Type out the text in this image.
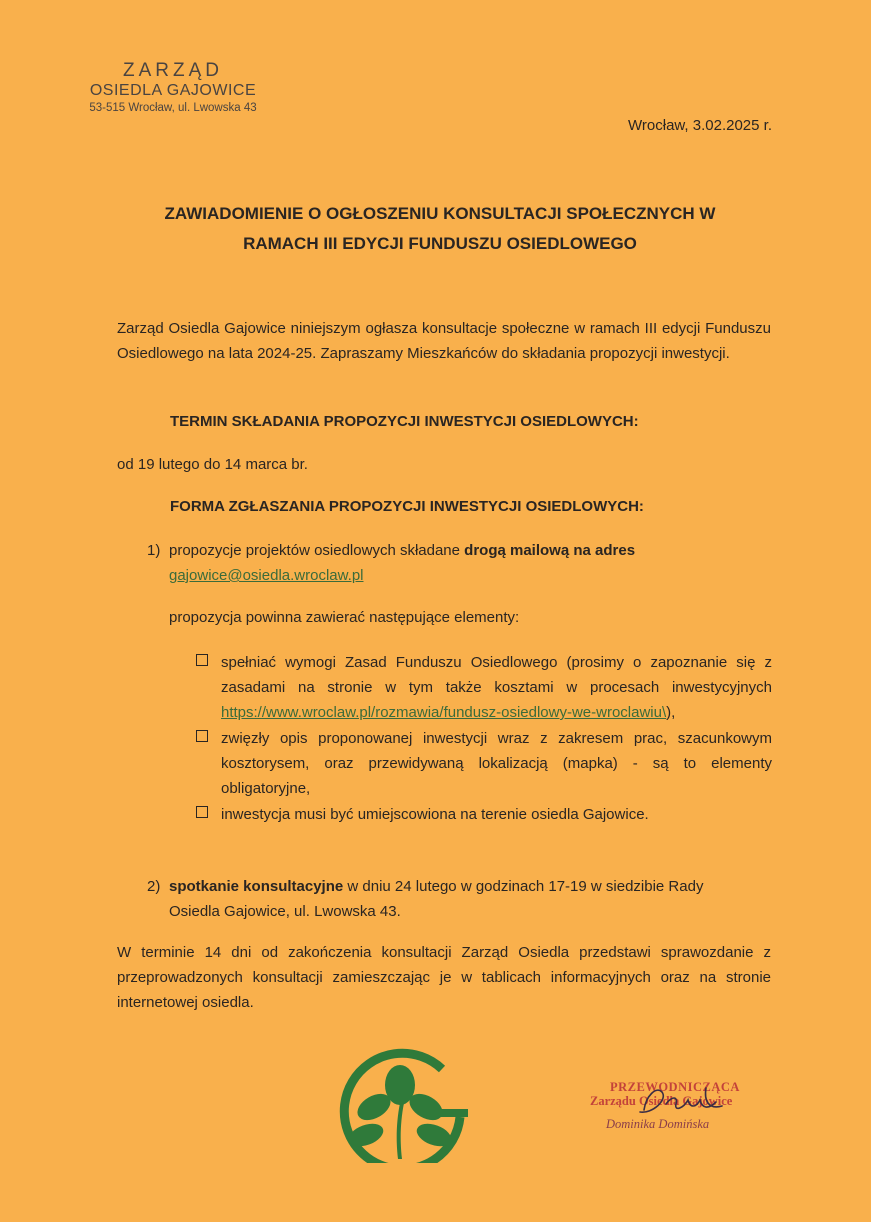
ZARZĄD
OSIEDLA GAJOWICE
53-515 Wrocław, ul. Lwowska 43
Wrocław, 3.02.2025 r.
ZAWIADOMIENIE O OGŁOSZENIU KONSULTACJI SPOŁECZNYCH W
RAMACH III EDYCJI FUNDUSZU OSIEDLOWEGO
Zarząd Osiedla Gajowice niniejszym ogłasza konsultacje społeczne w ramach III edycji Funduszu Osiedlowego na lata 2024-25. Zapraszamy Mieszkańców do składania propozycji inwestycji.
TERMIN SKŁADANIA PROPOZYCJI INWESTYCJI OSIEDLOWYCH:
od 19 lutego do 14 marca br.
FORMA ZGŁASZANIA PROPOZYCJI INWESTYCJI OSIEDLOWYCH:
1) propozycje projektów osiedlowych składane drogą mailową na adres
gajowice@osiedla.wroclaw.pl
propozycja powinna zawierać następujące elementy:
spełniać wymogi Zasad Funduszu Osiedlowego (prosimy o zapoznanie się z zasadami na stronie w tym także kosztami w procesach inwestycyjnych https://www.wroclaw.pl/rozmawia/fundusz-osiedlowy-we-wroclawiu\),
zwięzły opis proponowanej inwestycji wraz z zakresem prac, szacunkowym kosztorysem, oraz przewidywaną lokalizacją (mapka) - są to elementy obligatoryjne,
inwestycja musi być umiejscowiona na terenie osiedla Gajowice.
2) spotkanie konsultacyjne w dniu 24 lutego w godzinach 17-19 w siedzibie Rady
Osiedla Gajowice, ul. Lwowska 43.
W terminie 14 dni od zakończenia konsultacji Zarząd Osiedla przedstawi sprawozdanie z przeprowadzonych konsultacji zamieszczając je w tablicach informacyjnych oraz na stronie internetowej osiedla.
PRZEWODNICZĄCA
Zarządu Osiedla Gajowice
Dominika Domińska
